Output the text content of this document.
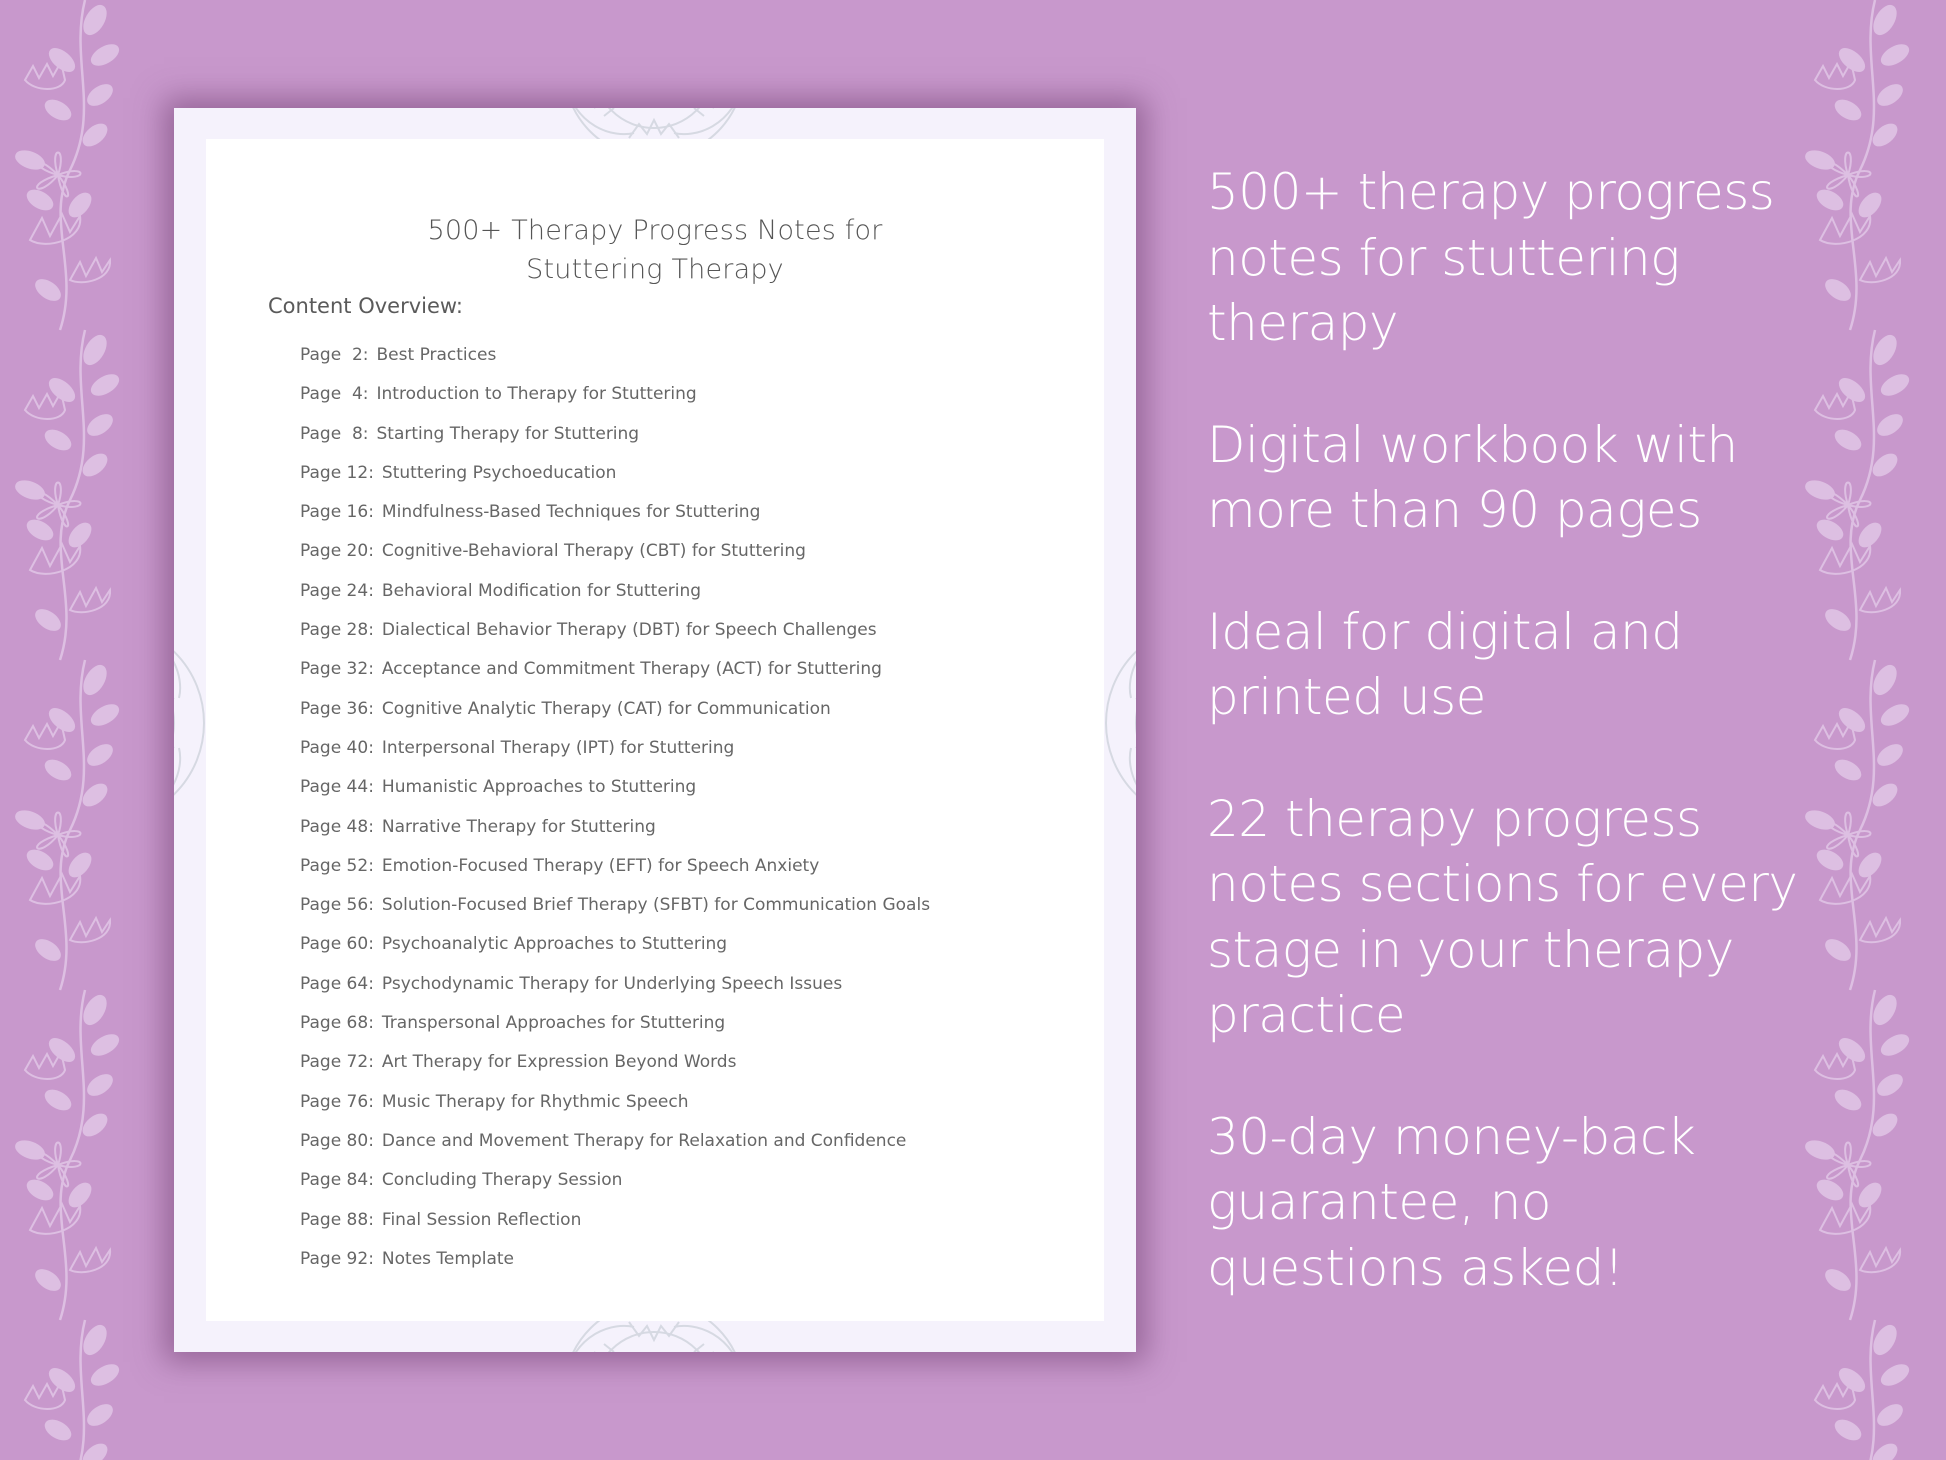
500+ Therapy Progress Notes for
Stuttering Therapy
Content Overview:
Page  2: Best Practices
Page  4: Introduction to Therapy for Stuttering
Page  8: Starting Therapy for Stuttering
Page 12: Stuttering Psychoeducation
Page 16: Mindfulness-Based Techniques for Stuttering
Page 20: Cognitive-Behavioral Therapy (CBT) for Stuttering
Page 24: Behavioral Modification for Stuttering
Page 28: Dialectical Behavior Therapy (DBT) for Speech Challenges
Page 32: Acceptance and Commitment Therapy (ACT) for Stuttering
Page 36: Cognitive Analytic Therapy (CAT) for Communication
Page 40: Interpersonal Therapy (IPT) for Stuttering
Page 44: Humanistic Approaches to Stuttering
Page 48: Narrative Therapy for Stuttering
Page 52: Emotion-Focused Therapy (EFT) for Speech Anxiety
Page 56: Solution-Focused Brief Therapy (SFBT) for Communication Goals
Page 60: Psychoanalytic Approaches to Stuttering
Page 64: Psychodynamic Therapy for Underlying Speech Issues
Page 68: Transpersonal Approaches for Stuttering
Page 72: Art Therapy for Expression Beyond Words
Page 76: Music Therapy for Rhythmic Speech
Page 80: Dance and Movement Therapy for Relaxation and Confidence
Page 84: Concluding Therapy Session
Page 88: Final Session Reflection
Page 92: Notes Template
500+ therapy progress
notes for stuttering
therapy
Digital workbook with
more than 90 pages
Ideal for digital and
printed use
22 therapy progress
notes sections for every
stage in your therapy
practice
30-day money-back
guarantee, no
questions asked!
